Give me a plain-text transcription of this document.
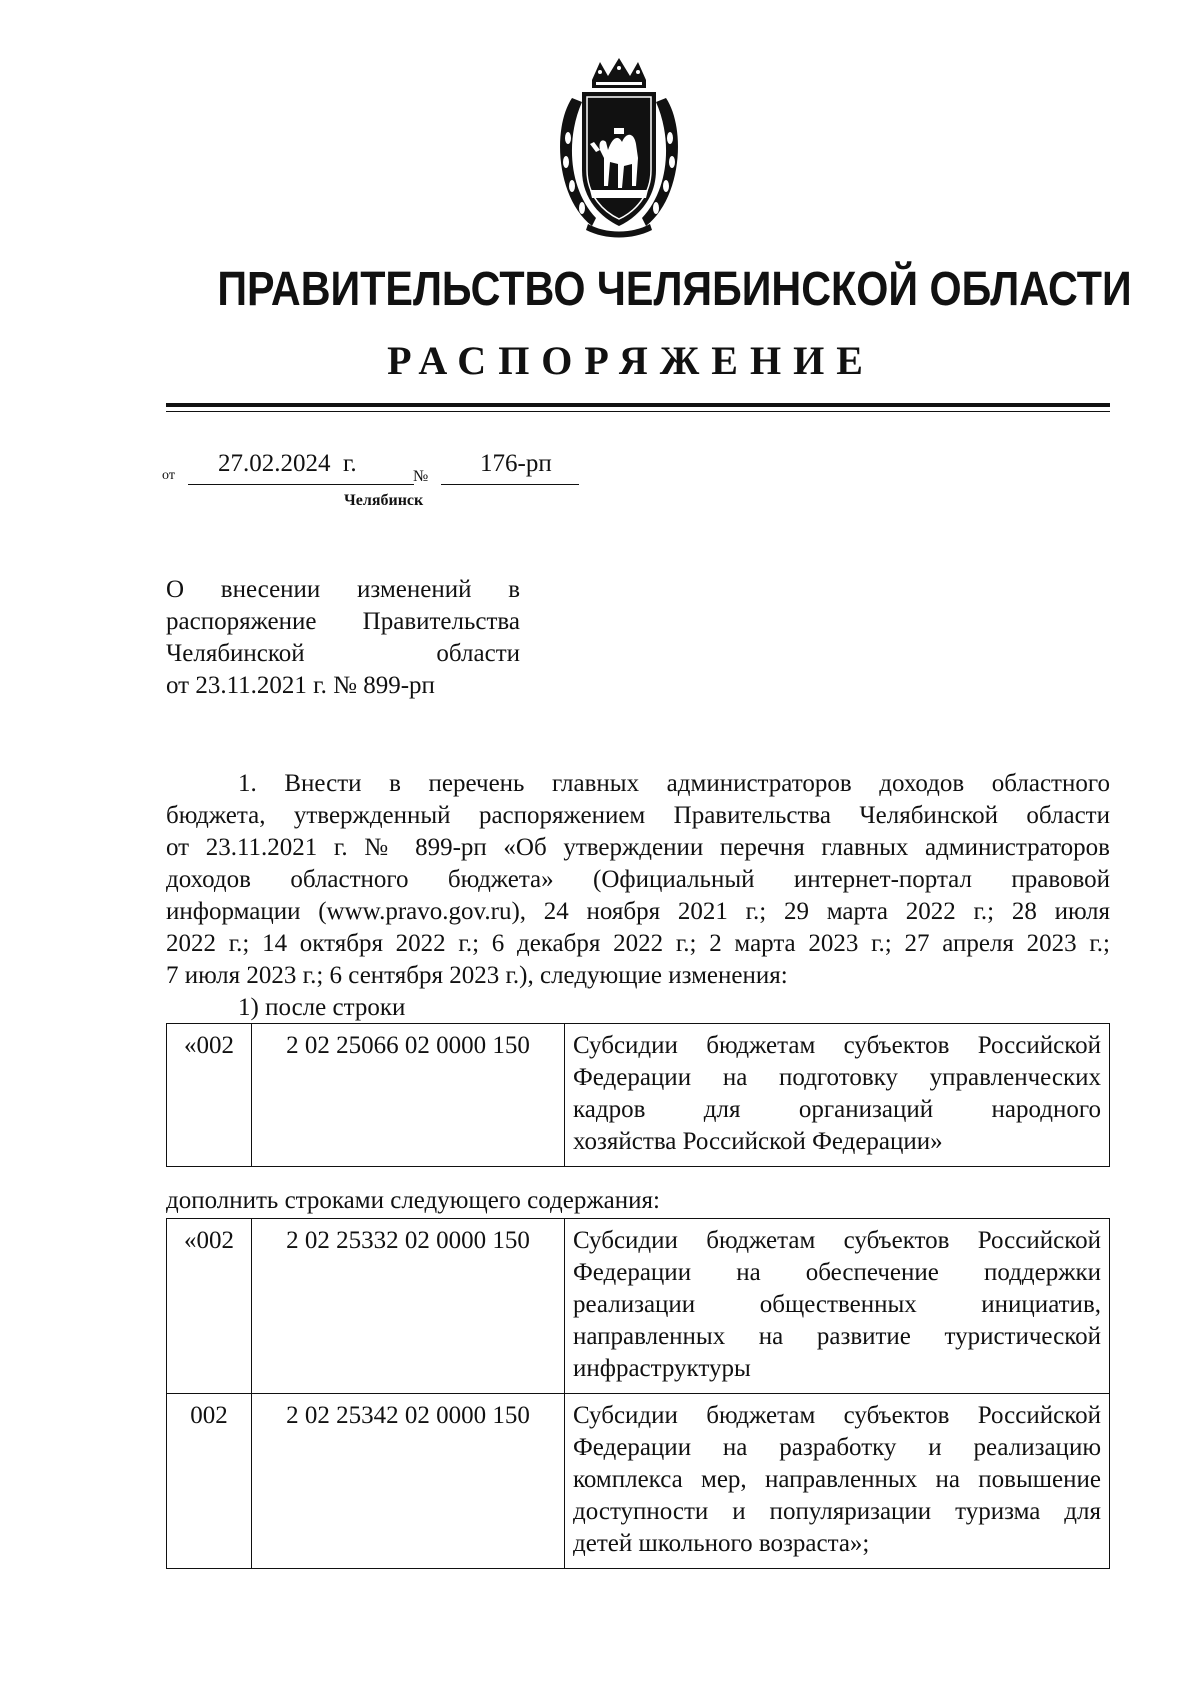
ПРАВИТЕЛЬСТВО ЧЕЛЯБИНСКОЙ ОБЛАСТИ
РАСПОРЯЖЕНИЕ
от 27.02.2024  г.	№ 176-рп
Челябинск
О внесении изменений в
распоряжение Правительства
Челябинской области
от 23.11.2021 г. № 899-рп
1. Внести в перечень главных администраторов доходов областного
бюджета, утвержденный распоряжением Правительства Челябинской области
от 23.11.2021 г. № 899-рп «Об утверждении перечня главных администраторов
доходов областного бюджета» (Официальный интернет-портал правовой
информации (www.pravo.gov.ru), 24 ноября 2021 г.; 29 марта 2022 г.; 28 июля
2022 г.; 14 октября 2022 г.; 6 декабря 2022 г.; 2 марта 2023 г.; 27 апреля 2023 г.;
7 июля 2023 г.; 6 сентября 2023 г.), следующие изменения:
1) после строки
«002	2 02 25066 02 0000 150	Субсидии бюджетам субъектов Российской
Федерации на подготовку управленческих
кадров для организаций народного
хозяйства Российской Федерации»
дополнить строками следующего содержания:
«002	2 02 25332 02 0000 150	Субсидии бюджетам субъектов Российской
Федерации на обеспечение поддержки
реализации общественных инициатив,
направленных на развитие туристической
инфраструктуры

002	2 02 25342 02 0000 150	Субсидии бюджетам субъектов Российской
Федерации на разработку и реализацию
комплекса мер, направленных на повышение
доступности и популяризации туризма для
детей школьного возраста»;
